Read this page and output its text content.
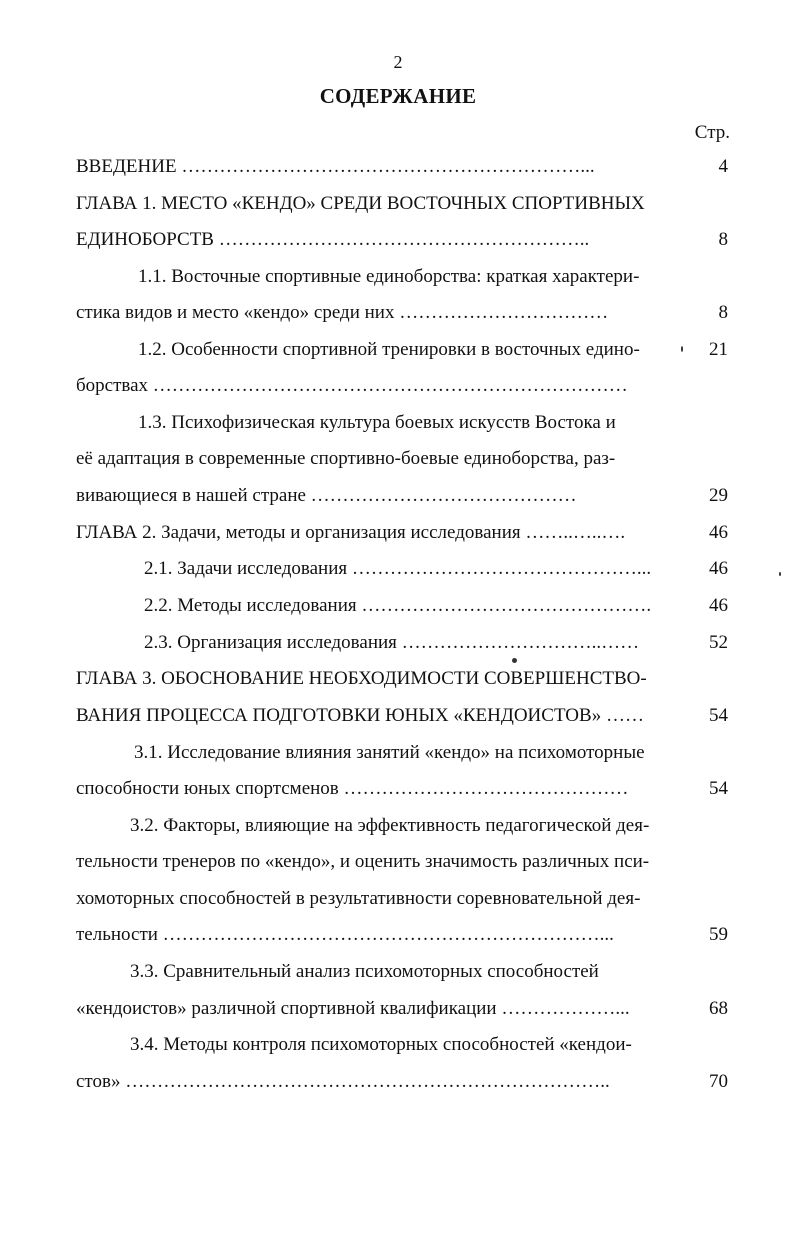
2
СОДЕРЖАНИЕ
Стр.
ВВЕДЕНИЕ ………………………………………………………...	4
ГЛАВА 1. МЕСТО «КЕНДО» СРЕДИ ВОСТОЧНЫХ СПОРТИВНЫХ
ЕДИНОБОРСТВ …………………………………………………..	8
1.1. Восточные спортивные единоборства: краткая характери-
стика видов и место «кендо» среди них ……………………………	8
1.2. Особенности спортивной тренировки в восточных едино-	21
борствах …………………………………………………………………
1.3. Психофизическая культура боевых искусств Востока и
её адаптация в современные спортивно-боевые единоборства, раз-
вивающиеся в нашей стране ……………………………………	29
ГЛАВА 2. Задачи, методы и организация исследования ……..…..….	46
2.1. Задачи исследования ………………………………………...	46
2.2. Методы исследования ……………………………………….	46
2.3. Организация исследования …………………………..……	52
ГЛАВА 3. ОБОСНОВАНИЕ НЕОБХОДИМОСТИ СОВЕРШЕНСТВО-
ВАНИЯ ПРОЦЕССА ПОДГОТОВКИ ЮНЫХ «КЕНДОИСТОВ» ……	54
3.1. Исследование влияния занятий «кендо» на психомоторные
способности юных спортсменов ………………………………………	54
3.2. Факторы, влияющие на эффективность педагогической дея-
тельности тренеров по «кендо», и оценить значимость различных пси-
хомоторных способностей в результативности соревновательной дея-
тельности ……………………………………………………………...	59
3.3. Сравнительный анализ психомоторных способностей
«кендоистов» различной спортивной квалификации ………………...	68
3.4. Методы контроля психомоторных способностей «кендои-
стов» …………………………………………………………………..	70
